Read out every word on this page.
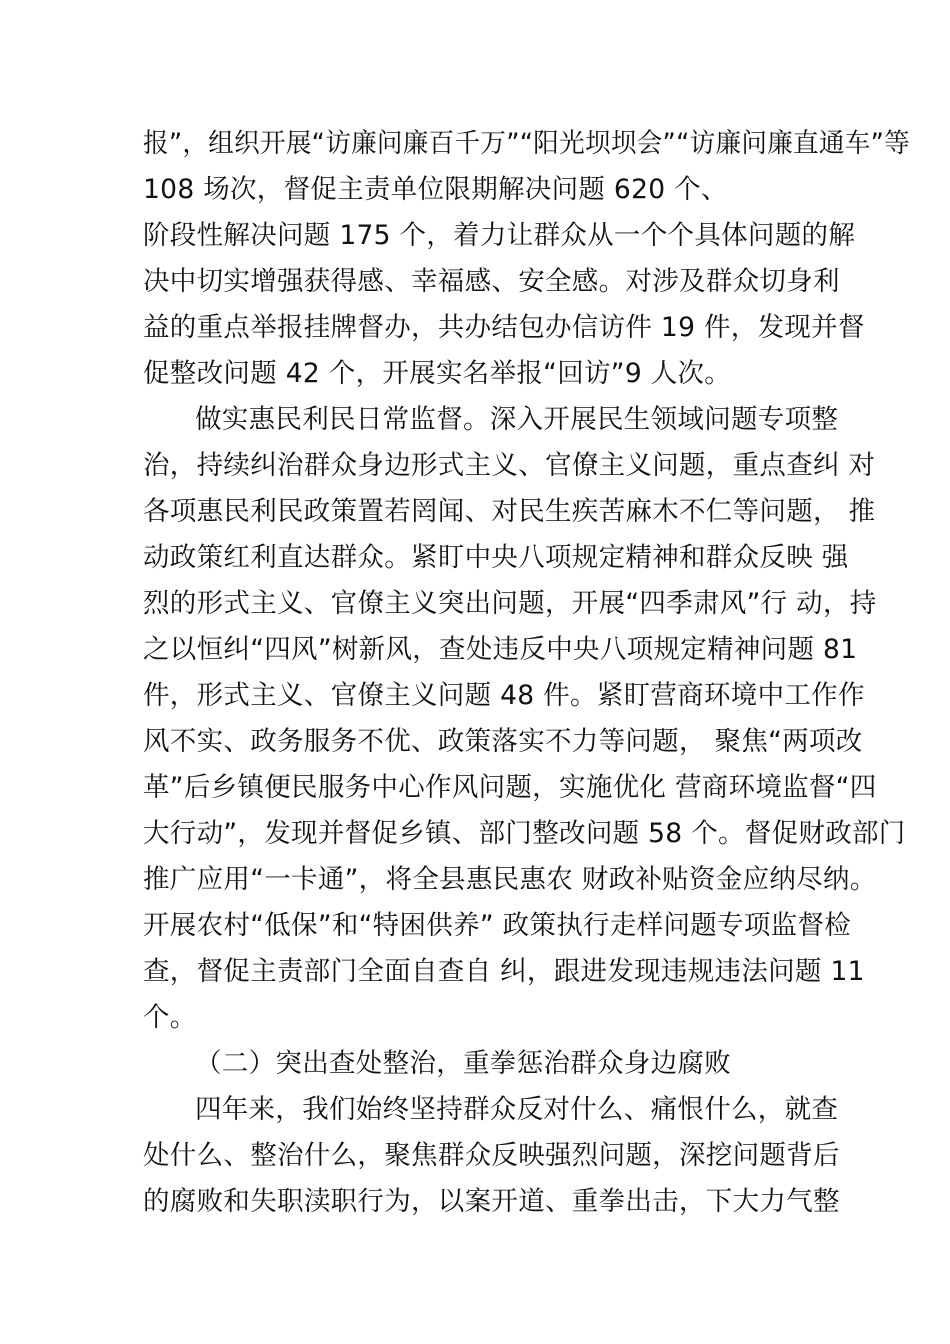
报”，组织开展“访廉问廉百千万”“阳光坝坝会”“访廉问廉直通车”等
108 场次，督促主责单位限期解决问题 620 个、
阶段性解决问题 175 个，着力让群众从一个个具体问题的解
决中切实增强获得感、幸福感、安全感。对涉及群众切身利
益的重点举报挂牌督办，共办结包办信访件 19 件，发现并督
促整改问题 42 个，开展实名举报“回访”9 人次。
做实惠民利民日常监督。深入开展民生领域问题专项整
治，持续纠治群众身边形式主义、官僚主义问题，重点查纠 对
各项惠民利民政策置若罔闻、对民生疾苦麻木不仁等问题， 推
动政策红利直达群众。紧盯中央八项规定精神和群众反映 强
烈的形式主义、官僚主义突出问题，开展“四季肃风”行 动，持
之以恒纠“四风”树新风，查处违反中央八项规定精神问题 81
件，形式主义、官僚主义问题 48 件。紧盯营商环境中工作作
风不实、政务服务不优、政策落实不力等问题， 聚焦“两项改
革”后乡镇便民服务中心作风问题，实施优化 营商环境监督“四
大行动”，发现并督促乡镇、部门整改问题 58 个。督促财政部门
推广应用“一卡通”，将全县惠民惠农 财政补贴资金应纳尽纳。
开展农村“低保”和“特困供养” 政策执行走样问题专项监督检
查，督促主责部门全面自查自 纠，跟进发现违规违法问题 11
个。
（二）突出查处整治，重拳惩治群众身边腐败
四年来，我们始终坚持群众反对什么、痛恨什么，就查
处什么、整治什么，聚焦群众反映强烈问题，深挖问题背后
的腐败和失职渎职行为，以案开道、重拳出击，下大力气整
